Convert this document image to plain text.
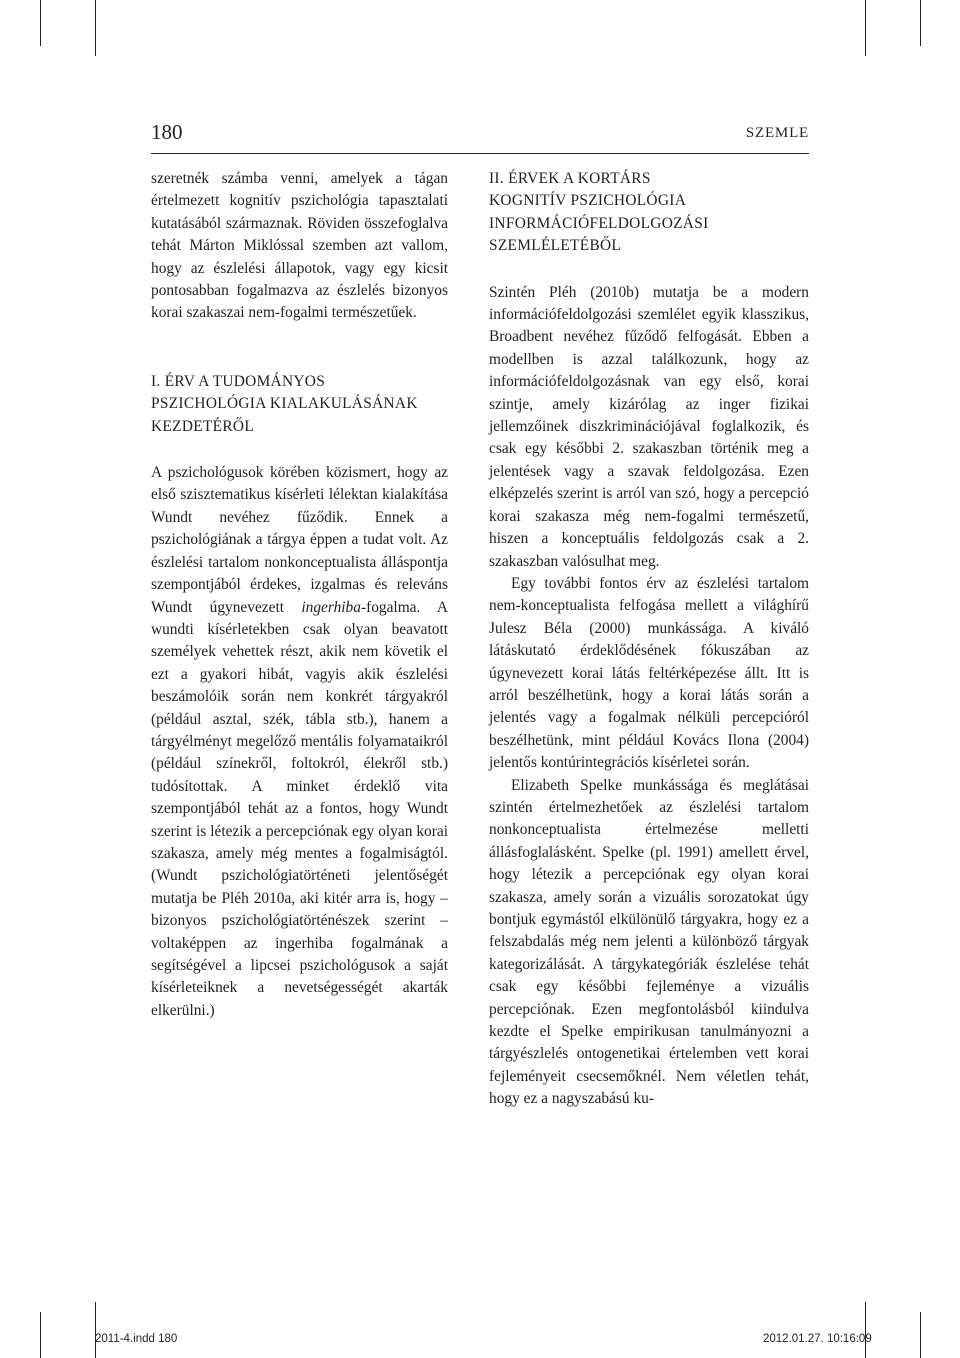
180	SZEMLE

szeretnék számba venni, amelyek a tágan értelmezett kognitív pszichológia tapasztalati kutatásából származnak. Röviden összefoglalva tehát Márton Miklóssal szemben azt vallom, hogy az észlelési állapotok, vagy egy kicsit pontosabban fogalmazva az észlelés bizonyos korai szakaszai nem-fogalmi természetűek.

I. ÉRV A TUDOMÁNYOS
PSZICHOLÓGIA KIALAKULÁSÁNAK
KEZDETÉRŐL

A pszichológusok körében közismert, hogy az első szisztematikus kísérleti lélektan kialakítása Wundt nevéhez fűződik. Ennek a pszichológiának a tárgya éppen a tudat volt. Az észlelési tartalom nonkonceptualista álláspontja szempontjából érdekes, izgalmas és releváns Wundt úgynevezett ingerhiba-fogalma. A wundti kísérletekben csak olyan beavatott személyek vehettek részt, akik nem követik el ezt a gyakori hibát, vagyis akik észlelési beszámolóik során nem konkrét tárgyakról (például asztal, szék, tábla stb.), hanem a tárgyélményt megelőző mentális folyamataikról (például színekről, foltokról, élekről stb.) tudósítottak. A minket érdeklő vita szempontjából tehát az a fontos, hogy Wundt szerint is létezik a percepciónak egy olyan korai szakasza, amely még mentes a fogalmiságtól. (Wundt pszichológiatörténeti jelentőségét mutatja be Pléh 2010a, aki kitér arra is, hogy – bizonyos pszichológiatörténészek szerint – voltaképpen az ingerhiba fogalmának a segítségével a lipcsei pszichológusok a saját kísérleteiknek a nevetségességét akarták elkerülni.)

II. ÉRVEK A KORTÁRS
KOGNITÍV PSZICHOLÓGIA
INFORMÁCIÓFELDOLGOZÁSI
SZEMLÉLETÉBŐL

Szintén Pléh (2010b) mutatja be a modern információfeldolgozási szemlélet egyik klasszikus, Broadbent nevéhez fűződő felfogását. Ebben a modellben is azzal találkozunk, hogy az információfeldolgozásnak van egy első, korai szintje, amely kizárólag az inger fizikai jellemzőinek diszkriminációjával foglalkozik, és csak egy későbbi 2. szakaszban történik meg a jelentések vagy a szavak feldolgozása. Ezen elképzelés szerint is arról van szó, hogy a percepció korai szakasza még nem-fogalmi természetű, hiszen a konceptuális feldolgozás csak a 2. szakaszban valósulhat meg.

Egy további fontos érv az észlelési tartalom nem-konceptualista felfogása mellett a világhírű Julesz Béla (2000) munkássága. A kiváló látáskutató érdeklődésének fókuszában az úgynevezett korai látás feltérképezése állt. Itt is arról beszélhetünk, hogy a korai látás során a jelentés vagy a fogalmak nélküli percepcióról beszélhetünk, mint például Kovács Ilona (2004) jelentős kontúrintegrációs kísérletei során.

Elizabeth Spelke munkássága és meglátásai szintén értelmezhetőek az észlelési tartalom nonkonceptualista értelmezése melletti állásfoglalásként. Spelke (pl. 1991) amellett érvel, hogy létezik a percepciónak egy olyan korai szakasza, amely során a vizuális sorozatokat úgy bontjuk egymástól elkülönülő tárgyakra, hogy ez a felszabdalás még nem jelenti a különböző tárgyak kategorizálását. A tárgykategóriák észlelése tehát csak egy későbbi fejleménye a vizuális percepciónak. Ezen megfontolásból kiindulva kezdte el Spelke empirikusan tanulmányozni a tárgyészlelés ontogenetikai értelemben vett korai fejleményeit csecsemőknél. Nem véletlen tehát, hogy ez a nagyszabású ku-

2011-4.indd 180	2012.01.27. 10:16:09
